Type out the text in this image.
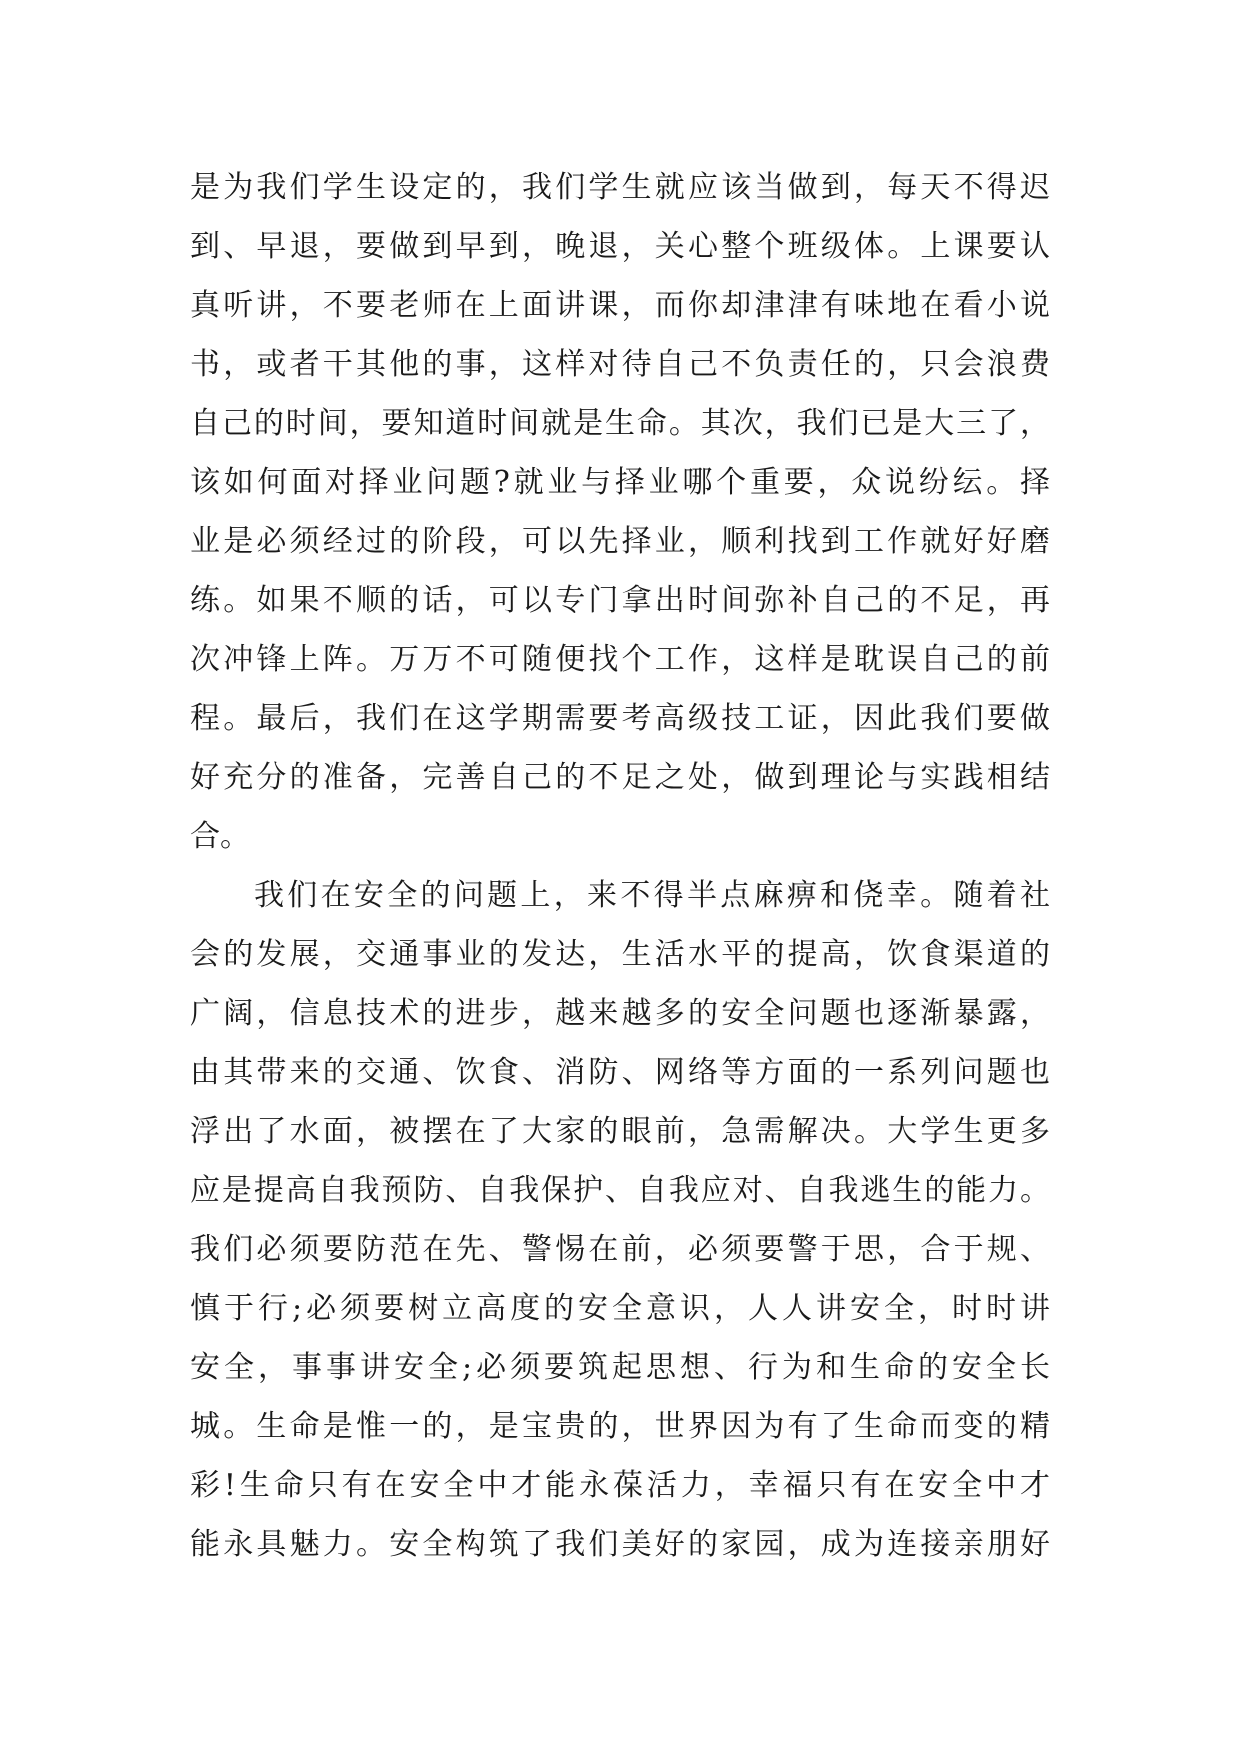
是为我们学生设定的，我们学生就应该当做到，每天不得迟
到、早退，要做到早到，晚退，关心整个班级体。上课要认
真听讲，不要老师在上面讲课，而你却津津有味地在看小说
书，或者干其他的事，这样对待自己不负责任的，只会浪费
自己的时间，要知道时间就是生命。其次，我们已是大三了，
该如何面对择业问题?就业与择业哪个重要，众说纷纭。择
业是必须经过的阶段，可以先择业，顺利找到工作就好好磨
练。如果不顺的话，可以专门拿出时间弥补自己的不足，再
次冲锋上阵。万万不可随便找个工作，这样是耽误自己的前
程。最后，我们在这学期需要考高级技工证，因此我们要做
好充分的准备，完善自己的不足之处，做到理论与实践相结
合。
我们在安全的问题上，来不得半点麻痹和侥幸。随着社
会的发展，交通事业的发达，生活水平的提高，饮食渠道的
广阔，信息技术的进步，越来越多的安全问题也逐渐暴露，
由其带来的交通、饮食、消防、网络等方面的一系列问题也
浮出了水面，被摆在了大家的眼前，急需解决。大学生更多
应是提高自我预防、自我保护、自我应对、自我逃生的能力。
我们必须要防范在先、警惕在前，必须要警于思，合于规、
慎于行;必须要树立高度的安全意识，人人讲安全，时时讲
安全，事事讲安全;必须要筑起思想、行为和生命的安全长
城。生命是惟一的，是宝贵的，世界因为有了生命而变的精
彩!生命只有在安全中才能永葆活力，幸福只有在安全中才
能永具魅力。安全构筑了我们美好的家园，成为连接亲朋好
